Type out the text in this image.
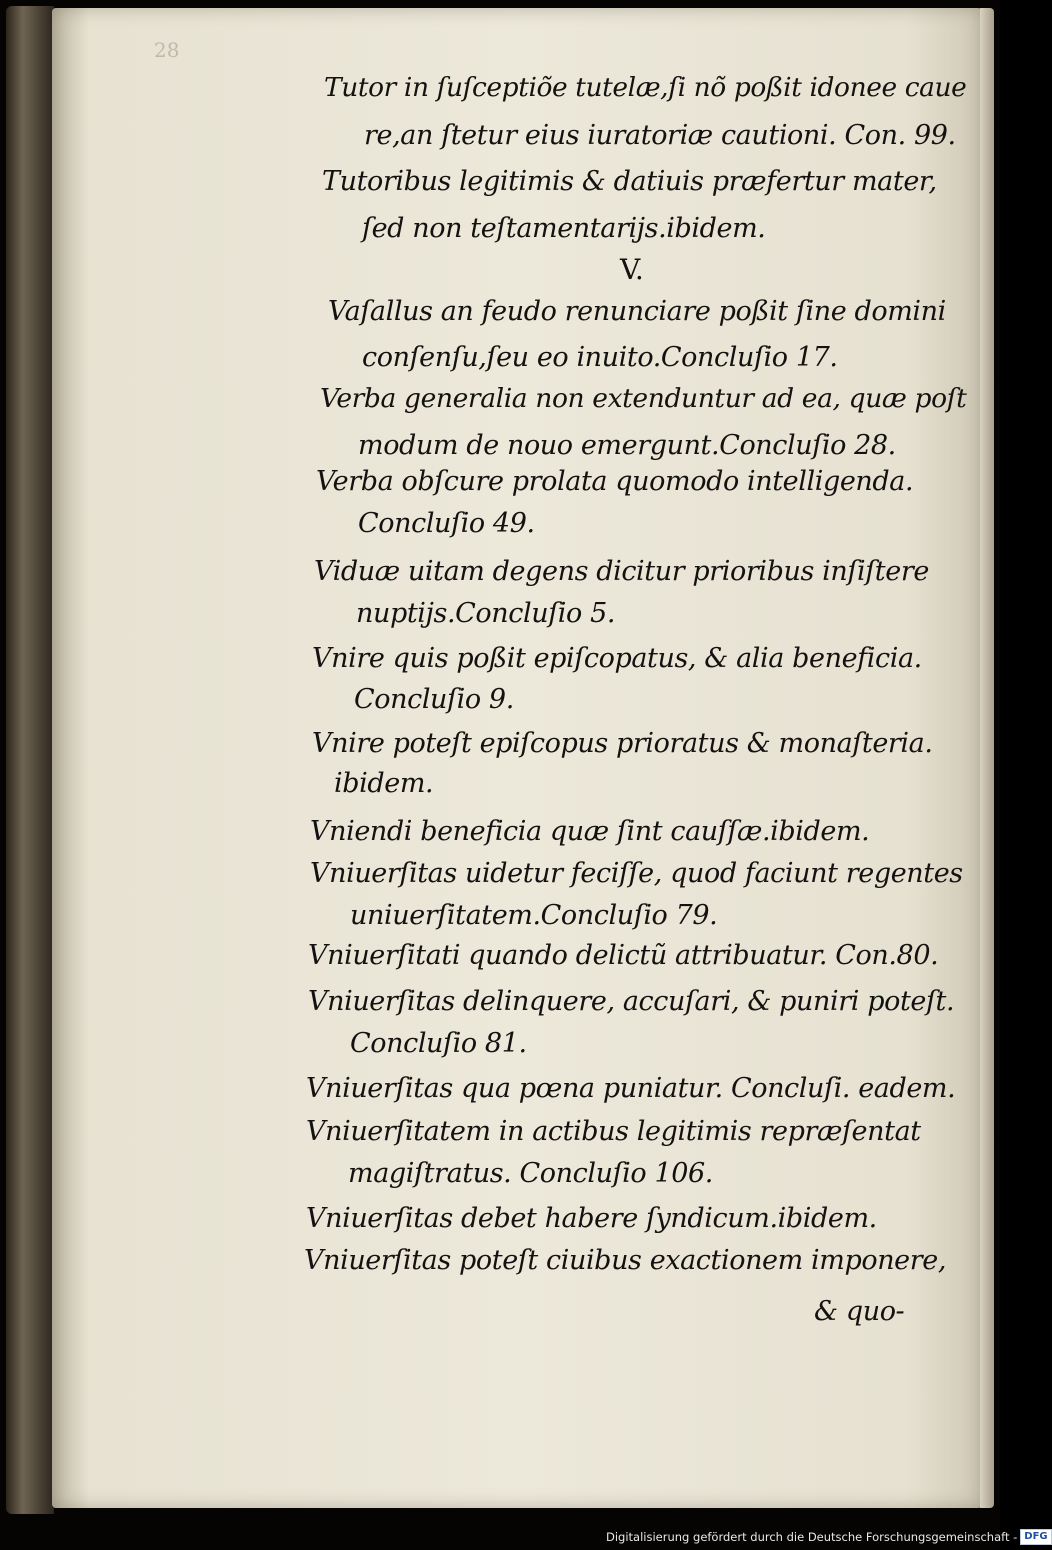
28
Tutor in ſuſceptiõe tutelæ,ſi nõ poßit idonee caue
re,an ſtetur eius iuratoriæ cautioni. Con. 99.
Tutoribus legitimis & datiuis præfertur mater,
ſed non teſtamentarijs.ibidem.
V.
Vaſallus an feudo renunciare poßit ſine domini
conſenſu,ſeu eo inuito.Concluſio 17.
Verba generalia non extenduntur ad ea, quæ poſt
modum de nouo emergunt.Concluſio 28.
Verba obſcure prolata quomodo intelligenda.
Concluſio 49.
Viduæ uitam degens dicitur prioribus inſiſtere
nuptijs.Concluſio 5.
Vnire quis poßit epiſcopatus, & alia beneficia.
Concluſio 9.
Vnire poteſt epiſcopus prioratus & monaſteria.
ibidem.
Vniendi beneficia quæ ſint cauſſæ.ibidem.
Vniuerſitas uidetur feciſſe, quod faciunt regentes
uniuerſitatem.Concluſio 79.
Vniuerſitati quando delictũ attribuatur. Con.80.
Vniuerſitas delinquere, accuſari, & puniri poteſt.
Concluſio 81.
Vniuerſitas qua pœna puniatur. Concluſi. eadem.
Vniuerſitatem in actibus legitimis repræſentat
magiſtratus. Concluſio 106.
Vniuerſitas debet habere ſyndicum.ibidem.
Vniuerſitas poteſt ciuibus exactionem imponere,
& quo-
Digitalisierung gefördert durch die Deutsche Forschungsgemeinschaft - DFG
